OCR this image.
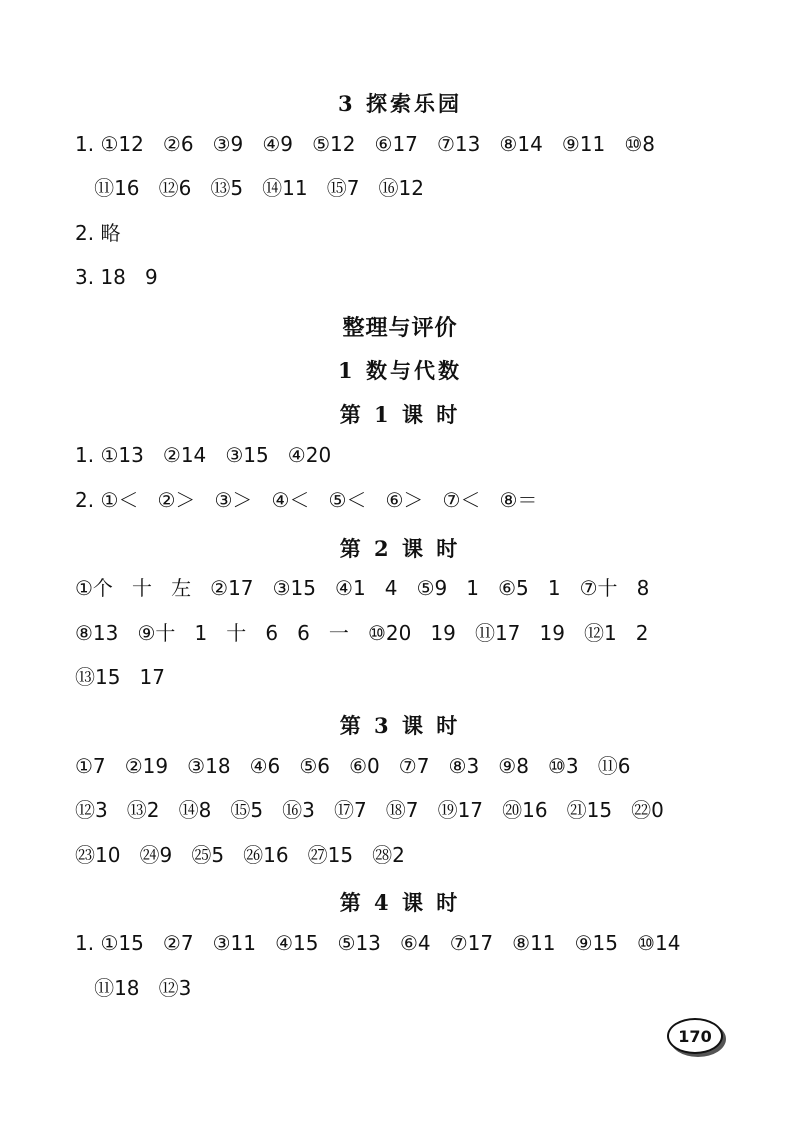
3 探索乐园
1. ①12   ②6   ③9   ④9   ⑤12   ⑥17   ⑦13   ⑧14   ⑨11   ⑩8
⑪16   ⑫6   ⑬5   ⑭11   ⑮7   ⑯12
2. 略
3. 18   9
整理与评价
1 数与代数
第 1 课 时
1. ①13   ②14   ③15   ④20
2. ①＜   ②＞   ③＞   ④＜   ⑤＜   ⑥＞   ⑦＜   ⑧＝
第 2 课 时
①个   十   左   ②17   ③15   ④1   4   ⑤9   1   ⑥5   1   ⑦十   8
⑧13   ⑨十   1   十   6   6   一   ⑩20   19   ⑪17   19   ⑫1   2
⑬15   17
第 3 课 时
①7   ②19   ③18   ④6   ⑤6   ⑥0   ⑦7   ⑧3   ⑨8   ⑩3   ⑪6
⑫3   ⑬2   ⑭8   ⑮5   ⑯3   ⑰7   ⑱7   ⑲17   ⑳16   ㉑15   ㉒0
㉓10   ㉔9   ㉕5   ㉖16   ㉗15   ㉘2
第 4 课 时
1. ①15   ②7   ③11   ④15   ⑤13   ⑥4   ⑦17   ⑧11   ⑨15   ⑩14
⑪18   ⑫3
170
